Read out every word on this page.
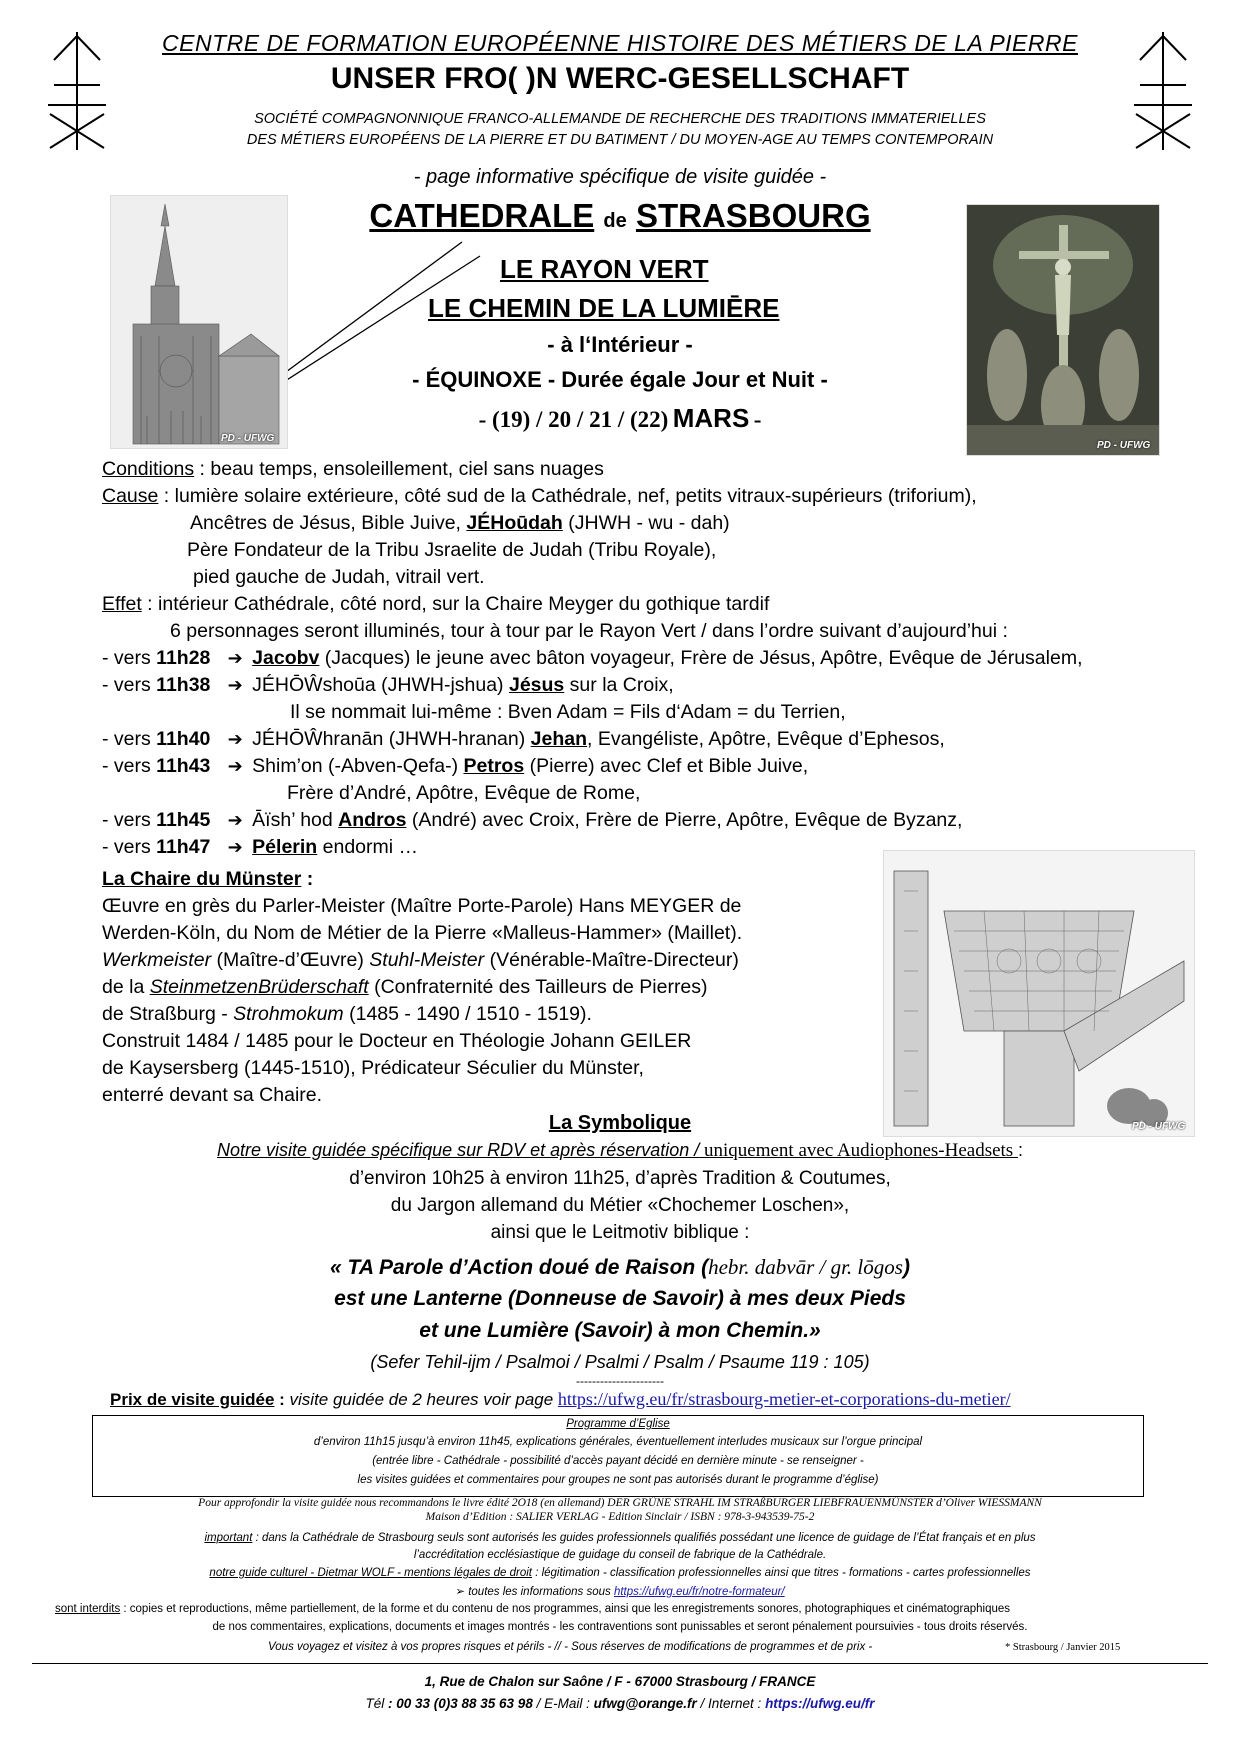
CENTRE DE FORMATION EUROPÉENNE HISTOIRE DES MÉTIERS DE LA PIERRE
UNSER FRO( )N WERC-GESELLSCHAFT
SOCIÉTÉ COMPAGNONNIQUE FRANCO-ALLEMANDE DE RECHERCHE DES TRADITIONS IMMATERIELLES
DES MÉTIERS EUROPÉENS DE LA PIERRE ET DU BATIMENT / DU MOYEN-AGE AU TEMPS CONTEMPORAIN
- page informative spécifique de visite guidée -
CATHEDRALE de STRASBOURG
LE RAYON VERT
LE CHEMIN DE LA LUMIĒRE
- à l‘Intérieur -
- ÉQUINOXE - Durée égale Jour et Nuit -
- (19) / 20 / 21 / (22) MARS -
PD - UFWG
PD - UFWG
Conditions : beau temps, ensoleillement, ciel sans nuages
Cause : lumière solaire extérieure, côté sud de la Cathédrale, nef, petits vitraux-supérieurs (triforium),
Ancêtres de Jésus, Bible Juive, JÉHoūdah (JHWH - wu - dah)
Père Fondateur de la Tribu Jsraelite de Judah (Tribu Royale),
pied gauche de Judah, vitrail vert.
Effet : intérieur Cathédrale, côté nord, sur la Chaire Meyger du gothique tardif
6 personnages seront illuminés, tour à tour par le Rayon Vert / dans l’ordre suivant d’aujourd’hui :
- vers 11h28 ➔ Jacobv (Jacques) le jeune avec bâton voyageur, Frère de Jésus, Apôtre, Evêque de Jérusalem,
- vers 11h38 ➔ JÉHŌŴshoūa (JHWH-jshua) Jésus sur la Croix,
- vers 11h40 ➔ JÉHŌŴhranān (JHWH-hranan) Jehan, Evangéliste, Apôtre, Evêque d’Ephesos,
- vers 11h43 ➔ Shim’on (-Abven-Qefa-) Petros (Pierre) avec Clef et Bible Juive,
- vers 11h45 ➔ Āïsh’ hod Andros (André) avec Croix, Frère de Pierre, Apôtre, Evêque de Byzanz,
- vers 11h47 ➔ Pélerin endormi …
Il se nommait lui-même : Bven Adam = Fils d‘Adam = du Terrien,
Frère d’André, Apôtre, Evêque de Rome,
PD - UFWG
La Chaire du Münster :
Œuvre en grès du Parler-Meister (Maître Porte-Parole) Hans MEYGER de
Werden-Köln, du Nom de Métier de la Pierre «Malleus-Hammer» (Maillet).
Werkmeister (Maître-d’Œuvre) Stuhl-Meister (Vénérable-Maître-Directeur)
de la SteinmetzenBrüderschaft (Confraternité des Tailleurs de Pierres)
de Straßburg - Strohmokum (1485 - 1490 / 1510 - 1519).
Construit 1484 / 1485 pour le Docteur en Théologie Johann GEILER
de Kaysersberg (1445-1510), Prédicateur Séculier du Münster,
enterré devant sa Chaire.
La Symbolique
Notre visite guidée spécifique sur RDV et après réservation / uniquement avec Audiophones-Headsets :
d’environ 10h25 à environ 11h25, d’après Tradition & Coutumes,
du Jargon allemand du Métier «Chochemer Loschen»,
ainsi que le Leitmotiv biblique :
« TA Parole d’Action doué de Raison (hebr. dabvār / gr. lōgos)
est une Lanterne (Donneuse de Savoir) à mes deux Pieds
et une Lumière (Savoir) à mon Chemin.»
(Sefer Tehil-ijm / Psalmoi / Psalmi / Psalm / Psaume 119 : 105)
----------------------
Prix de visite guidée : visite guidée de 2 heures voir page https://ufwg.eu/fr/strasbourg-metier-et-corporations-du-metier/
Programme d’Eglise
d’environ 11h15 jusqu’à environ 11h45, explications générales, éventuellement interludes musicaux sur l’orgue principal
(entrée libre - Cathédrale - possibilité d’accès payant décidé en dernière minute - se renseigner -
les visites guidées et commentaires pour groupes ne sont pas autorisés durant le programme d’église)
Pour approfondir la visite guidée nous recommandons le livre édité 2O18 (en allemand) DER GRÜNE STRAHL IM STRAßBURGER LIEBFRAUENMÜNSTER d’Oliver WIESSMANN
Maison d’Edition : SALIER VERLAG - Edition Sinclair / ISBN : 978-3-943539-75-2
important : dans la Cathédrale de Strasbourg seuls sont autorisés les guides professionnels qualifiés possédant une licence de guidage de l’État français et en plus
l’accréditation ecclésiastique de guidage du conseil de fabrique de la Cathédrale.
notre guide culturel - Dietmar WOLF - mentions légales de droit : légitimation - classification professionnelles ainsi que titres - formations - cartes professionnelles
➢ toutes les informations sous https://ufwg.eu/fr/notre-formateur/
sont interdits : copies et reproductions, même partiellement, de la forme et du contenu de nos programmes, ainsi que les enregistrements sonores, photographiques et cinématographiques
de nos commentaires, explications, documents et images montrés - les contraventions sont punissables et seront pénalement poursuivies - tous droits réservés.
Vous voyagez et visitez à vos propres risques et périls - // - Sous réserves de modifications de programmes et de prix -	* Strasbourg / Janvier 2015
1, Rue de Chalon sur Saône / F - 67000 Strasbourg / FRANCE
Tél : 00 33 (0)3 88 35 63 98 / E-Mail : ufwg@orange.fr / Internet : https://ufwg.eu/fr
